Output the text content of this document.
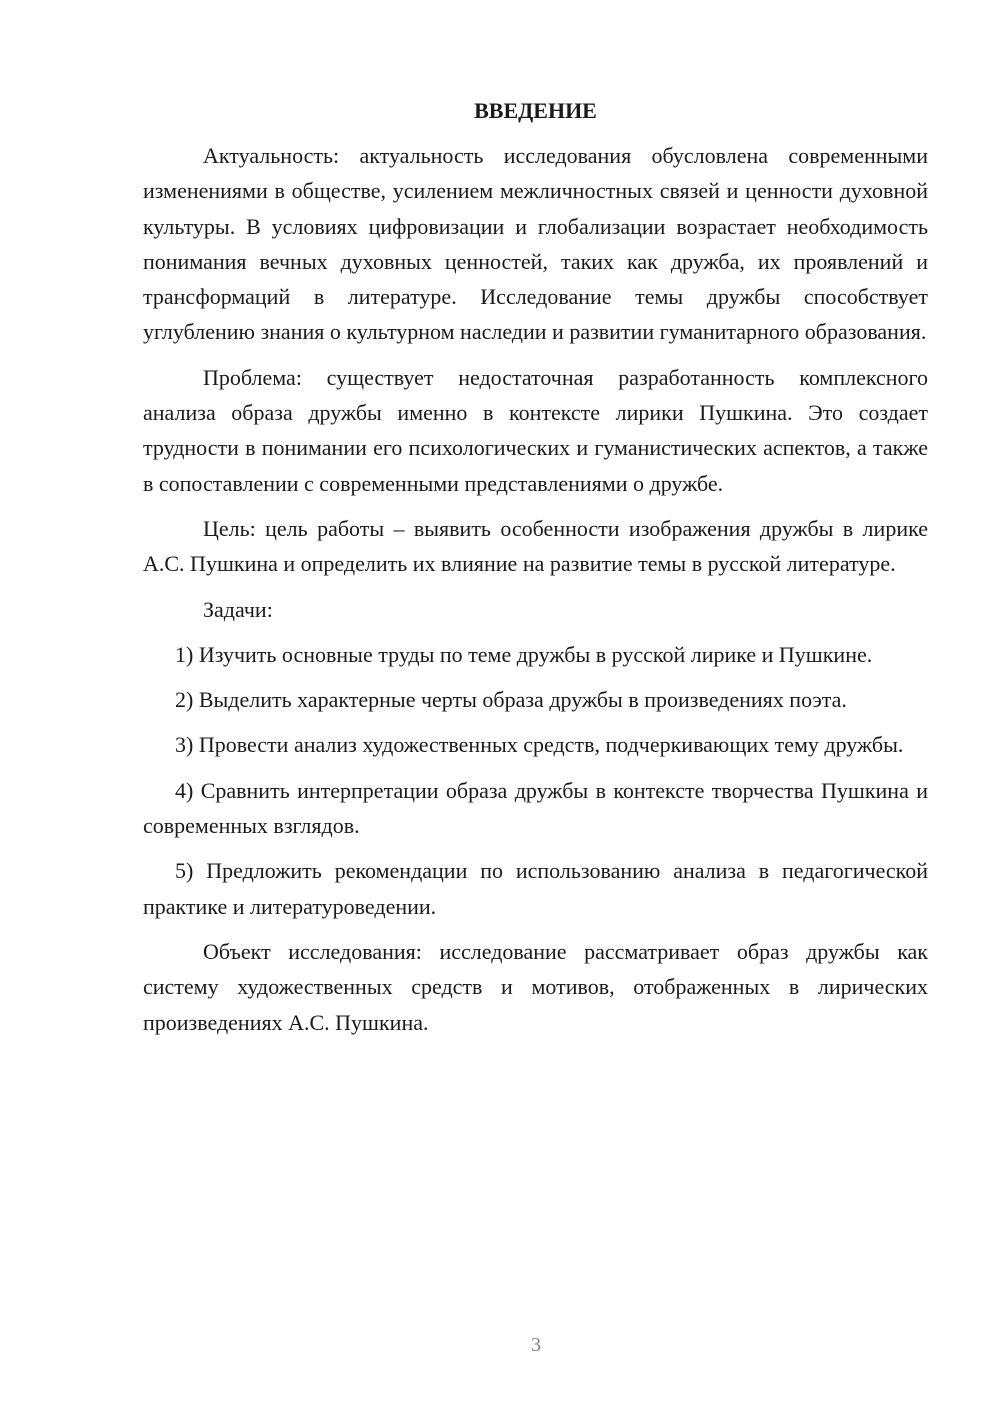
ВВЕДЕНИЕ

Актуальность: актуальность исследования обусловлена современными изменениями в обществе, усилением межличностных связей и ценности духовной культуры. В условиях цифровизации и глобализации возрастает необходимость понимания вечных духовных ценностей, таких как дружба, их проявлений и трансформаций в литературе. Исследование темы дружбы способствует углублению знания о культурном наследии и развитии гуманитарного образования.

Проблема: существует недостаточная разработанность комплексного анализа образа дружбы именно в контексте лирики Пушкина. Это создает трудности в понимании его психологических и гуманистических аспектов, а также в сопоставлении с современными представлениями о дружбе.

Цель: цель работы – выявить особенности изображения дружбы в лирике А.С. Пушкина и определить их влияние на развитие темы в русской литературе.

Задачи:

1) Изучить основные труды по теме дружбы в русской лирике и Пушкине.

2) Выделить характерные черты образа дружбы в произведениях поэта.

3) Провести анализ художественных средств, подчеркивающих тему дружбы.

4) Сравнить интерпретации образа дружбы в контексте творчества Пушкина и современных взглядов.

5) Предложить рекомендации по использованию анализа в педагогической практике и литературоведении.

Объект исследования: исследование рассматривает образ дружбы как систему художественных средств и мотивов, отображенных в лирических произведениях А.С. Пушкина.

3
